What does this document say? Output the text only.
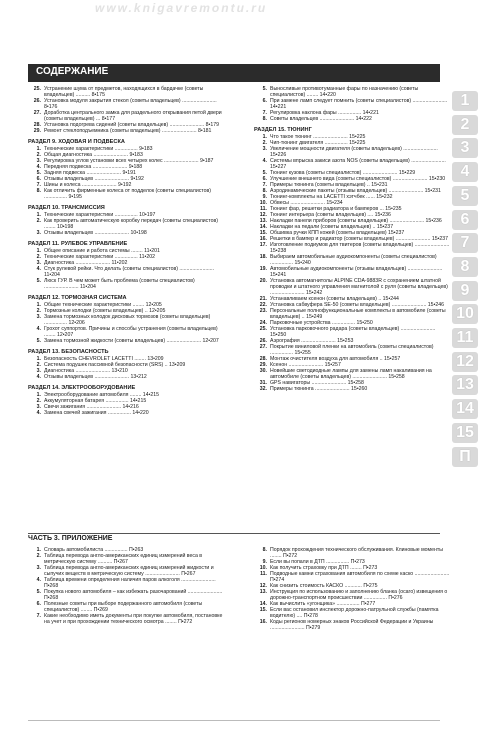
www.knigavremontu.ru
СОДЕРЖАНИЕ
25. Устранение шума от предметов, находящихся в бардачке (советы владельцев) .......... 8•175
26. Установка модуля закрытия стекол (советы владельцев) ........................ 8•176
27. Доработка центрального замка для раздельного открывания петой двери (советы владельцев) ... 8•177
28. Установка подогрева сидений (советы владельцев) ........................ 8•179
29. Ремонт стеклоподъемника (советы владельцев) ........................ 8•181
РАЗДЕЛ 9. ХОДОВАЯ И ПОДВЕСКА
1. Технические характеристики ................ 9•183
2. Общая диагностика ........................ 9•183
3. Регулировка углов установки всех четырех колес ........................ 9•187
4. Передняя подвеска ........................ 9•188
5. Задняя подвеска ........................ 9•191
6. Отзывы владельцев ........................ 9•192
7. Шины и колеса ........................ 9•192
8. Как отличить фирменные колеса от подделок (советы специалистов) ................ 9•195
РАЗДЕЛ 10. ТРАНСМИССИЯ
1. Технические характеристики ................ 10•197
2. Как проверить автоматическую коробку передач (советы специалистов) ........ 10•198
3. Отзывы владельцев ........................ 10•198
РАЗДЕЛ 11. РУЛЕВОЕ УПРАВЛЕНИЕ
1. Общее описание и работа системы ........ 11•201
2. Технические характеристики ................ 11•202
3. Диагностика ........................ 11•202
4. Стук рулевой рейки. Что делать (советы специалистов) ........................ 11•204
5. Люск ГУР. В чем может быть проблема (советы специалистов) ........................ 11•204
РАЗДЕЛ 12. ТОРМОЗНАЯ СИСТЕМА
1. Общие технические характеристики ........ 12•205
2. Тормозные колодки (советы владельцев) .. 12•205
3. Замена тормозных колодок дисковых тормозов (советы владельцев) ................ 12•206
4. Грохот суппортов. Причины и способы устранения (советы владельцев) ........ 12•207
5. Замена тормозной жидкости (советы владельцев) ........................ 12•207
РАЗДЕЛ 13. БЕЗОПАСНОСТЬ
1. Безопасность CHEVROLET LACETTI ........ 13•209
2. Система подушек пассивной безопасности (SRS) .. 13•209
3. Диагностика ........................ 13•210
4. Отзывы владельцев ........................ 13•212
РАЗДЕЛ 14. ЭЛЕКТРООБОРУДОВАНИЕ
1. Электрооборудование автомобиля ........ 14•215
2. Аккумуляторная батарея ................ 14•215
3. Свечи зажигания ........................ 14•216
4. Замена свечей зажигания ................ 14•220
5. Выносливые противотуманные фары по назначению (советы специалистов) ........ 14•220
6. При замене ламп следует помнить (советы специалистов) ........................ 14•221
7. Регулировка наклона фары ................ 14•221
8. Советы владельцев ........................ 14•222
РАЗДЕЛ 15. ТЮНИНГ
1. Что такое тюнинг ........................ 15•225
2. Чип-тюнинг двигателя ................ 15•225
3. Увеличение мощности двигателя (советы владельцев) ........................ 15•226
4. Системы впрыска закиси азота NOS (советы владельцев) ........................ 15•227
5. Тюнинг кузова (советы специалистов) ........................ 15•229
6. Улучшение внешнего вида (советы специалистов) ........................ 15•230
7. Примеры тюнинга (советы владельцев) .. 15•231
8. Аэродинамические пакеты (отзывы владельцев) ........................ 15•231
9. Тюнинг-комплекты на LACETTI хэтчбек ...... 15•232
10. Обвесы ........................ 15•234
11. Тюнинг фар, решетки радиатора и бамперов ... 15•235
12. Тюнинг интерьера (советы владельцев) .... 15•236
13. Накладки панели приборов (советы владельцев) ........................ 15•236
14. Накладки на педали (советы владельцев) .. 15•237
15. Обшивка ручки КПП кожей (советы владельцев) 15•237
16. Решетки в бампер и радиатор (советы владельцев) ........................ 15•237
17. Изготовление подиумов для твитеров (советы владельцев) ........................ 15•238
18. Выбираем автомобильные аудиокомпоненты (советы специалистов) ................ 15•240
19. Автомобильные аудиокомпоненты (отзывы владельцев) ........................ 15•241
20. Установка автомагнитолы ALPINE CDA-9883R с сохранением штатной проводки и штатного управления магнитолой с руля (советы владельцев) ........................ 15•242
21. Устанавливаем ксенон (советы владельцев) .. 15•244
22. Установка сабвуфера SE-50 (советы владельцев) ........................ 15•246
23. Персональные полнофункциональные комплекты в автомобиле (советы владельцев) .. 15•249
24. Парковочные устройства ................ 15•250
25. Установка парковочного радара (советы владельцев) ........................ 15•250
26. Аэрография ........................ 15•253
27. Покрытие виниловой пленки на автомобиль (советы специалистов) ................ 15•255
28. Монтаж очистителя воздуха для автомобиля .. 15•257
29. Ксенон ........................ 15•257
30. Новейшие светодиодные лампы для замены ламп накаливания на автомобиле (советы владельцев) ........................ 15•258
31. GPS навигаторы ........................ 15•258
32. Примеры тюнинга ........................ 15•260
ЧАСТЬ 3. ПРИЛОЖЕНИЕ
1. Словарь автомобилиста ................ П•263
2. Таблица перевода англо-американских единиц измерений веса в метрическую систему .......... П•267
3. Таблица перевода англо-американских единиц измерений жидкости и сыпучих веществ в метрическую систему ........................ П•267
4. Таблица времени определения наличия паров алкоголя ........................ П•268
5. Покупка нового автомобиля – как избежать разочарований ........................ П•268
6. Полезные советы при выборе подержанного автомобиля (советы специалистов) ........ П•269
7. Какие необходимо иметь документы при покупке автомобиля, постановке на учет и при прохождении технического осмотра ........ П•272
8. Порядок прохождения технического обслуживания. Клиновые моменты ........ П•272
9. Если вы попали в ДТП ................ П•273
10. Как получить страховку при ДТП ........ П•273
11. Подводные камни страхования автомобиля по схеме каско ........................ П•274
12. Как снизить стоимость КАСКО ............ П•275
13. Инструкция по использованию и заполнению бланка (осаго) извещения о дорожно-транспортном происшествии ................ П•276
14. Как вычислить «угонщика» ................ П•277
15. Если вас остановил инспектор дорожно-патрульной службы (памятка водителю) .... П•278
16. Коды регионов номерных знаков Российской Федерации и Украины ........................ П•279
1
2
3
4
5
6
7
8
9
10
11
12
13
14
15
П
